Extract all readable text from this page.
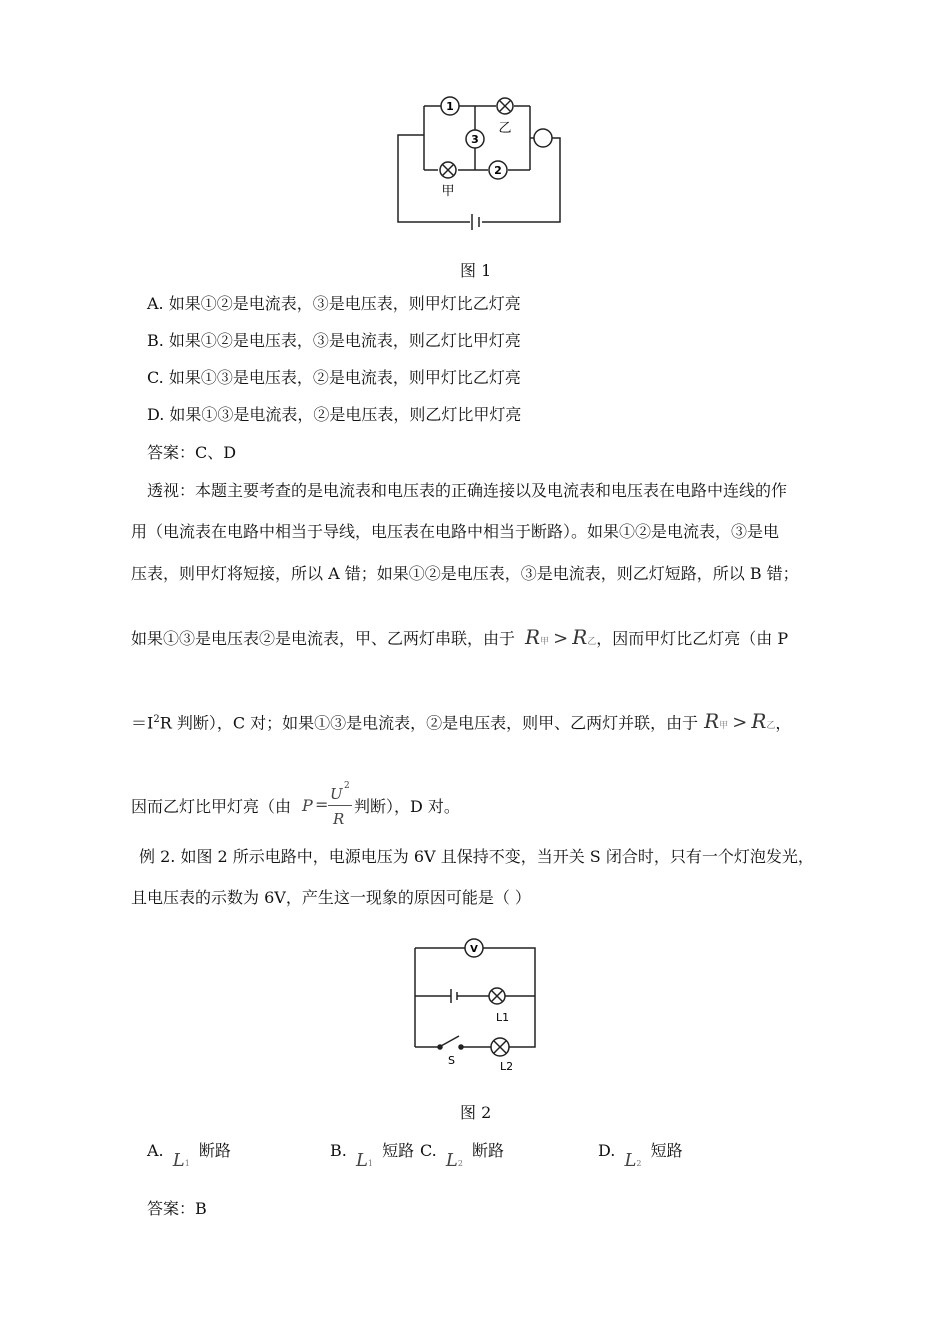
1
3
2
甲
乙
图 1
A. 如果①②是电流表，③是电压表，则甲灯比乙灯亮
B. 如果①②是电压表，③是电流表，则乙灯比甲灯亮
C. 如果①③是电压表，②是电流表，则甲灯比乙灯亮
D. 如果①③是电流表，②是电压表，则乙灯比甲灯亮
答案：C、D
透视：本题主要考查的是电流表和电压表的正确连接以及电流表和电压表在电路中连线的作
用（电流表在电路中相当于导线，电压表在电路中相当于断路）。如果①②是电流表，③是电
压表，则甲灯将短接，所以 A 错；如果①②是电压表，③是电流表，则乙灯短路，所以 B 错；
如果①③是电压表②是电流表，甲、乙两灯串联，由于 R甲 > R乙，因而甲灯比乙灯亮（由 P
$=I^2R$ 判断），C 对；如果①③是电流表，②是电压表，则甲、乙两灯并联，由于 R甲 > R乙，
因而乙灯比甲灯亮（由 P =
U 2
R
判断），D 对。
例 2. 如图 2 所示电路中，电源电压为 6V 且保持不变，当开关 S 闭合时，只有一个灯泡发光，
且电压表的示数为 6V，产生这一现象的原因可能是（ ）
V
L1
L2
S
图 2
A. L1 断路	B. L1 短路 C. L2 断路	D. L2 短路
答案：B
